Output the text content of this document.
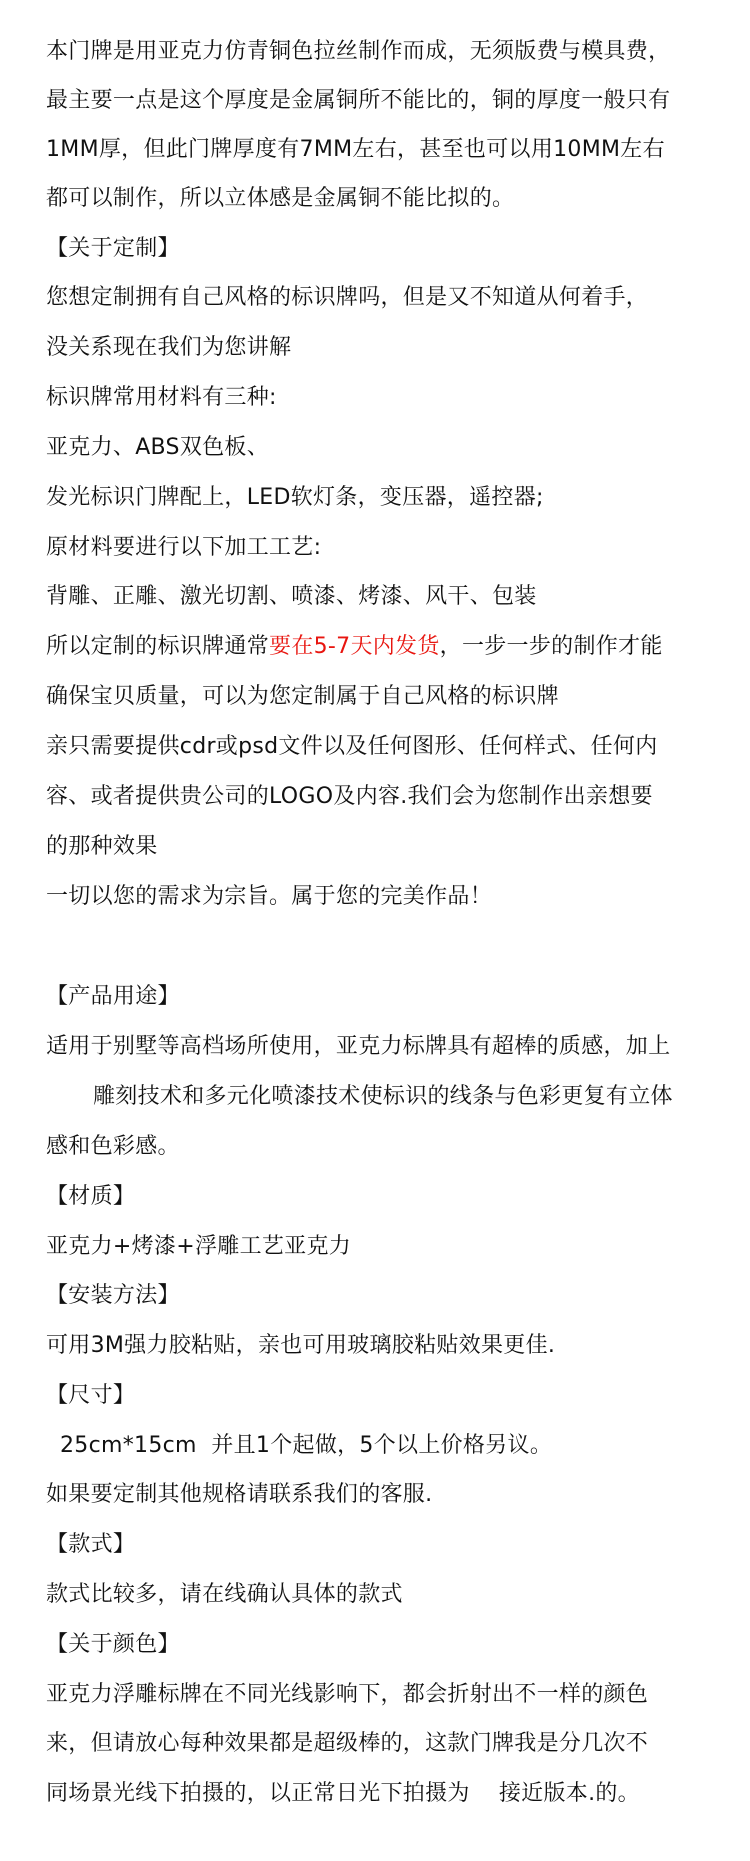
本门牌是用亚克力仿青铜色拉丝制作而成，无须版费与模具费，
最主要一点是这个厚度是金属铜所不能比的，铜的厚度一般只有
1MM厚，但此门牌厚度有7MM左右，甚至也可以用10MM左右
都可以制作，所以立体感是金属铜不能比拟的。
【关于定制】
您想定制拥有自己风格的标识牌吗，但是又不知道从何着手，
没关系现在我们为您讲解
标识牌常用材料有三种:
亚克力、ABS双色板、
发光标识门牌配上，LED软灯条，变压器，遥控器;
原材料要进行以下加工工艺:
背雕、正雕、激光切割、喷漆、烤漆、风干、包装
所以定制的标识牌通常要在5-7天内发货，一步一步的制作才能
确保宝贝质量，可以为您定制属于自己风格的标识牌
亲只需要提供cdr或psd文件以及任何图形、任何样式、任何内
容、或者提供贵公司的LOGO及内容.我们会为您制作出亲想要
的那种效果
一切以您的需求为宗旨。属于您的完美作品！
【产品用途】
适用于别墅等高档场所使用，亚克力标牌具有超棒的质感，加上
雕刻技术和多元化喷漆技术使标识的线条与色彩更复有立体
感和色彩感。
【材质】
亚克力+烤漆+浮雕工艺亚克力
【安装方法】
可用3M强力胶粘贴，亲也可用玻璃胶粘贴效果更佳.
【尺寸】
25cm*15cm  并且1个起做，5个以上价格另议。
如果要定制其他规格请联系我们的客服.
【款式】
款式比较多，请在线确认具体的款式
【关于颜色】
亚克力浮雕标牌在不同光线影响下，都会折射出不一样的颜色
来，但请放心每种效果都是超级棒的，这款门牌我是分几次不
同场景光线下拍摄的，以正常日光下拍摄为    接近版本.的。
